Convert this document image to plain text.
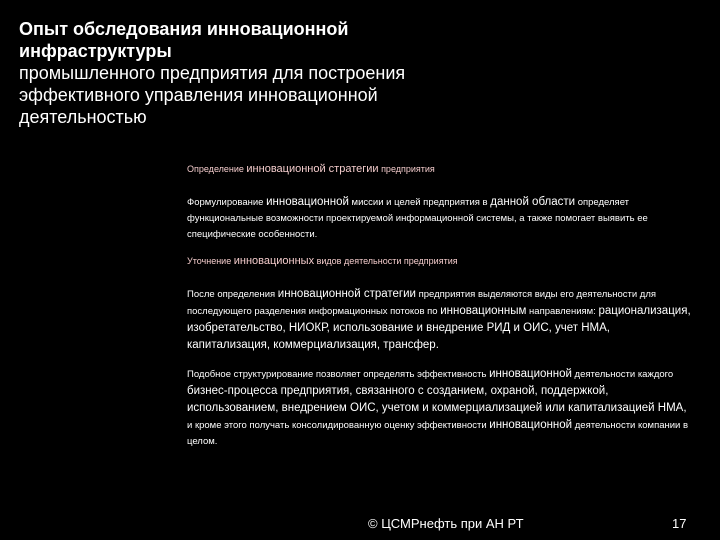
Опыт обследования инновационной
инфраструктуры
промышленного предприятия для построения
эффективного управления инновационной
деятельностью
Определение инновационной стратегии предприятия

Формулирование инновационной миссии и целей предприятия в данной области определяет функциональные возможности проектируемой информационной системы, а также помогает выявить ее специфические особенности.

Уточнение инновационных видов деятельности предприятия

После определения инновационной стратегии предприятия выделяются виды его деятельности для последующего разделения информационных потоков по инновационным направлениям: рационализация, изобретательство, НИОКР, использование и внедрение РИД и ОИС, учет НМА, капитализация, коммерциализация, трансфер.

Подобное структурирование позволяет определять эффективность инновационной деятельности каждого бизнес-процесса предприятия, связанного с созданием, охраной, поддержкой, использованием, внедрением ОИС, учетом и коммерциализацией или капитализацией НМА, и кроме этого получать консолидированную оценку эффективности инновационной деятельности компании в целом.

© ЦСМРнефть при АН РТ	17
